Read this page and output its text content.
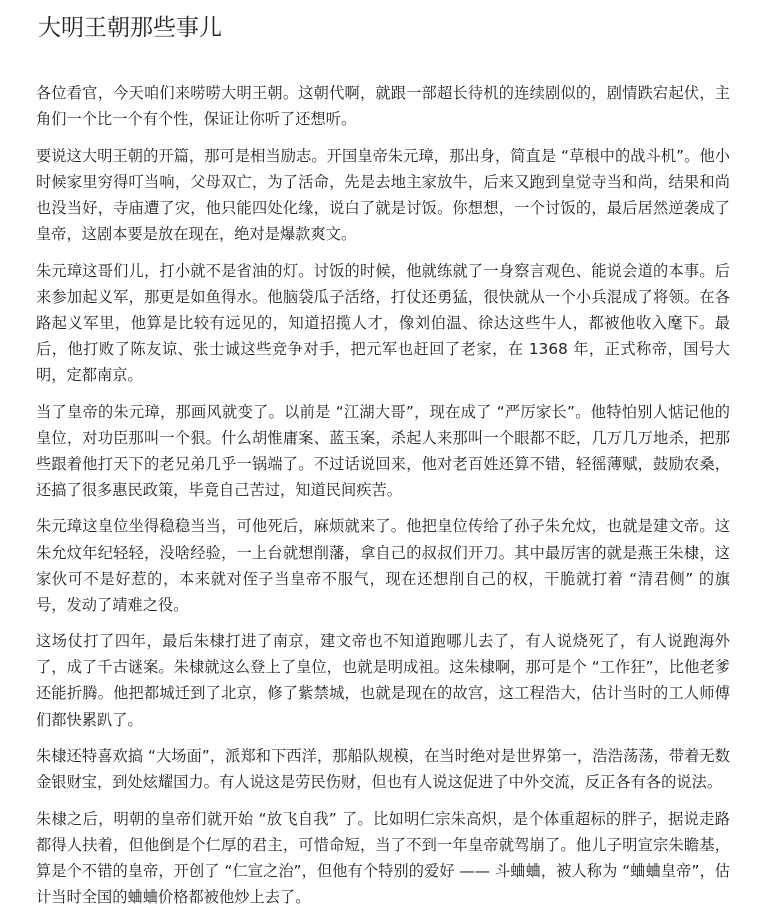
大明王朝那些事儿

各位看官，今天咱们来唠唠大明王朝。这朝代啊，就跟一部超长待机的连续剧似的，剧情跌宕起伏，主角们一个比一个有个性，保证让你听了还想听。

要说这大明王朝的开篇，那可是相当励志。开国皇帝朱元璋，那出身，简直是 “草根中的战斗机”。他小时候家里穷得叮当响，父母双亡，为了活命，先是去地主家放牛，后来又跑到皇觉寺当和尚，结果和尚也没当好，寺庙遭了灾，他只能四处化缘，说白了就是讨饭。你想想，一个讨饭的，最后居然逆袭成了皇帝，这剧本要是放在现在，绝对是爆款爽文。

朱元璋这哥们儿，打小就不是省油的灯。讨饭的时候，他就练就了一身察言观色、能说会道的本事。后来参加起义军，那更是如鱼得水。他脑袋瓜子活络，打仗还勇猛，很快就从一个小兵混成了将领。在各路起义军里，他算是比较有远见的，知道招揽人才，像刘伯温、徐达这些牛人，都被他收入麾下。最后，他打败了陈友谅、张士诚这些竞争对手，把元军也赶回了老家，在 1368 年，正式称帝，国号大明，定都南京。

当了皇帝的朱元璋，那画风就变了。以前是 “江湖大哥”，现在成了 “严厉家长”。他特怕别人惦记他的皇位，对功臣那叫一个狠。什么胡惟庸案、蓝玉案，杀起人来那叫一个眼都不眨，几万几万地杀，把那些跟着他打天下的老兄弟几乎一锅端了。不过话说回来，他对老百姓还算不错，轻徭薄赋，鼓励农桑，还搞了很多惠民政策，毕竟自己苦过，知道民间疾苦。

朱元璋这皇位坐得稳稳当当，可他死后，麻烦就来了。他把皇位传给了孙子朱允炆，也就是建文帝。这朱允炆年纪轻轻，没啥经验，一上台就想削藩，拿自己的叔叔们开刀。其中最厉害的就是燕王朱棣，这家伙可不是好惹的，本来就对侄子当皇帝不服气，现在还想削自己的权，干脆就打着 “清君侧” 的旗号，发动了靖难之役。

这场仗打了四年，最后朱棣打进了南京，建文帝也不知道跑哪儿去了，有人说烧死了，有人说跑海外了，成了千古谜案。朱棣就这么登上了皇位，也就是明成祖。这朱棣啊，那可是个 “工作狂”，比他老爹还能折腾。他把都城迁到了北京，修了紫禁城，也就是现在的故宫，这工程浩大，估计当时的工人师傅们都快累趴了。

朱棣还特喜欢搞 “大场面”，派郑和下西洋，那船队规模，在当时绝对是世界第一，浩浩荡荡，带着无数金银财宝，到处炫耀国力。有人说这是劳民伤财，但也有人说这促进了中外交流，反正各有各的说法。

朱棣之后，明朝的皇帝们就开始 “放飞自我” 了。比如明仁宗朱高炽，是个体重超标的胖子，据说走路都得人扶着，但他倒是个仁厚的君主，可惜命短，当了不到一年皇帝就驾崩了。他儿子明宣宗朱瞻基，算是个不错的皇帝，开创了 “仁宣之治”，但他有个特别的爱好 —— 斗蛐蛐，被人称为 “蛐蛐皇帝”，估计当时全国的蛐蛐价格都被他炒上去了。
